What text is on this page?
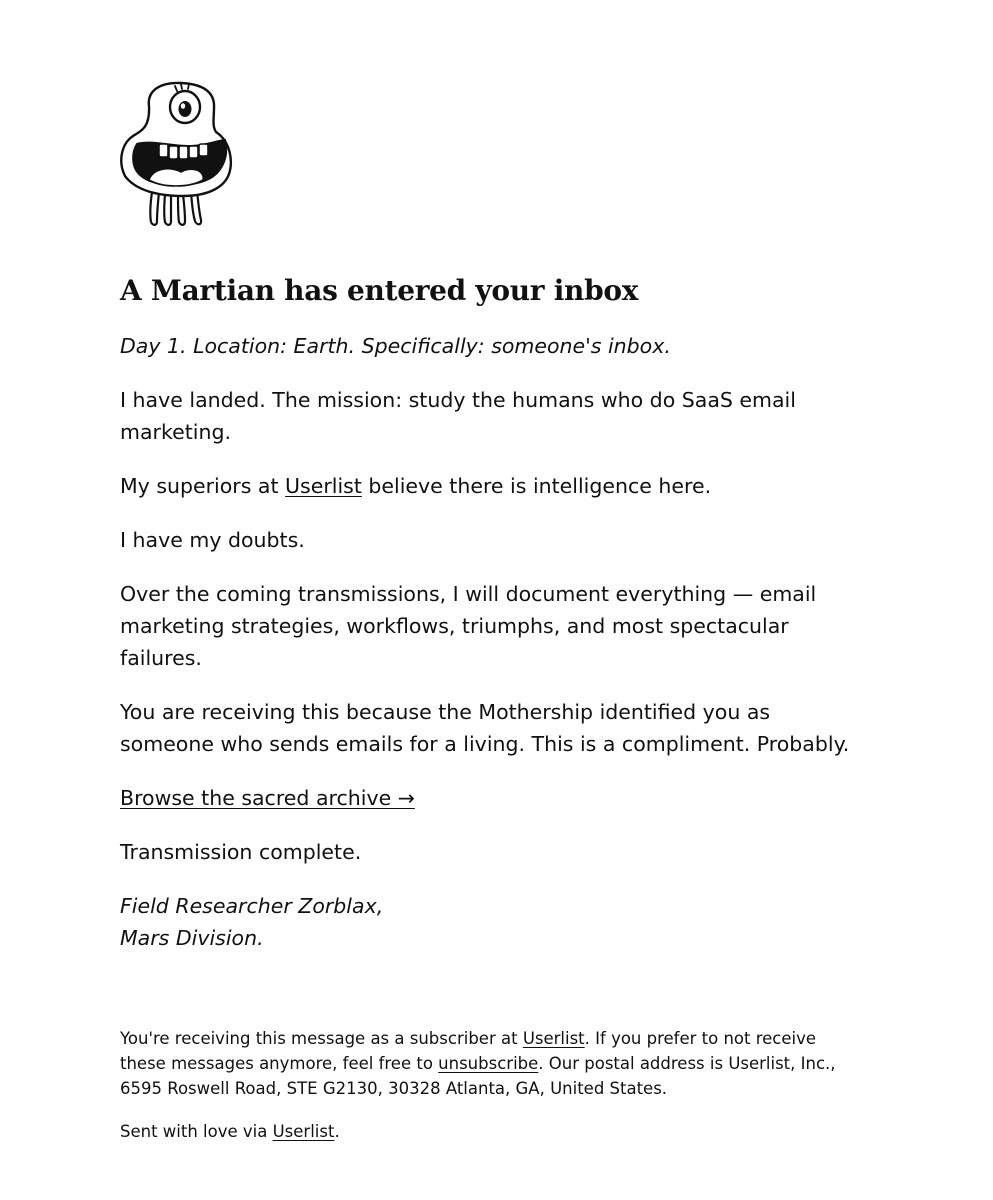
A Martian has entered your inbox

Day 1. Location: Earth. Specifically: someone's inbox.

I have landed. The mission: study the humans who do SaaS email marketing.

My superiors at Userlist believe there is intelligence here.

I have my doubts.

Over the coming transmissions, I will document everything — email marketing strategies, workflows, triumphs, and most spectacular failures.

You are receiving this because the Mothership identified you as someone who sends emails for a living. This is a compliment. Probably.

Browse the sacred archive →

Transmission complete.

Field Researcher Zorblax,
Mars Division.

You're receiving this message as a subscriber at Userlist. If you prefer to not receive these messages anymore, feel free to unsubscribe. Our postal address is Userlist, Inc., 6595 Roswell Road, STE G2130, 30328 Atlanta, GA, United States.

Sent with love via Userlist.
